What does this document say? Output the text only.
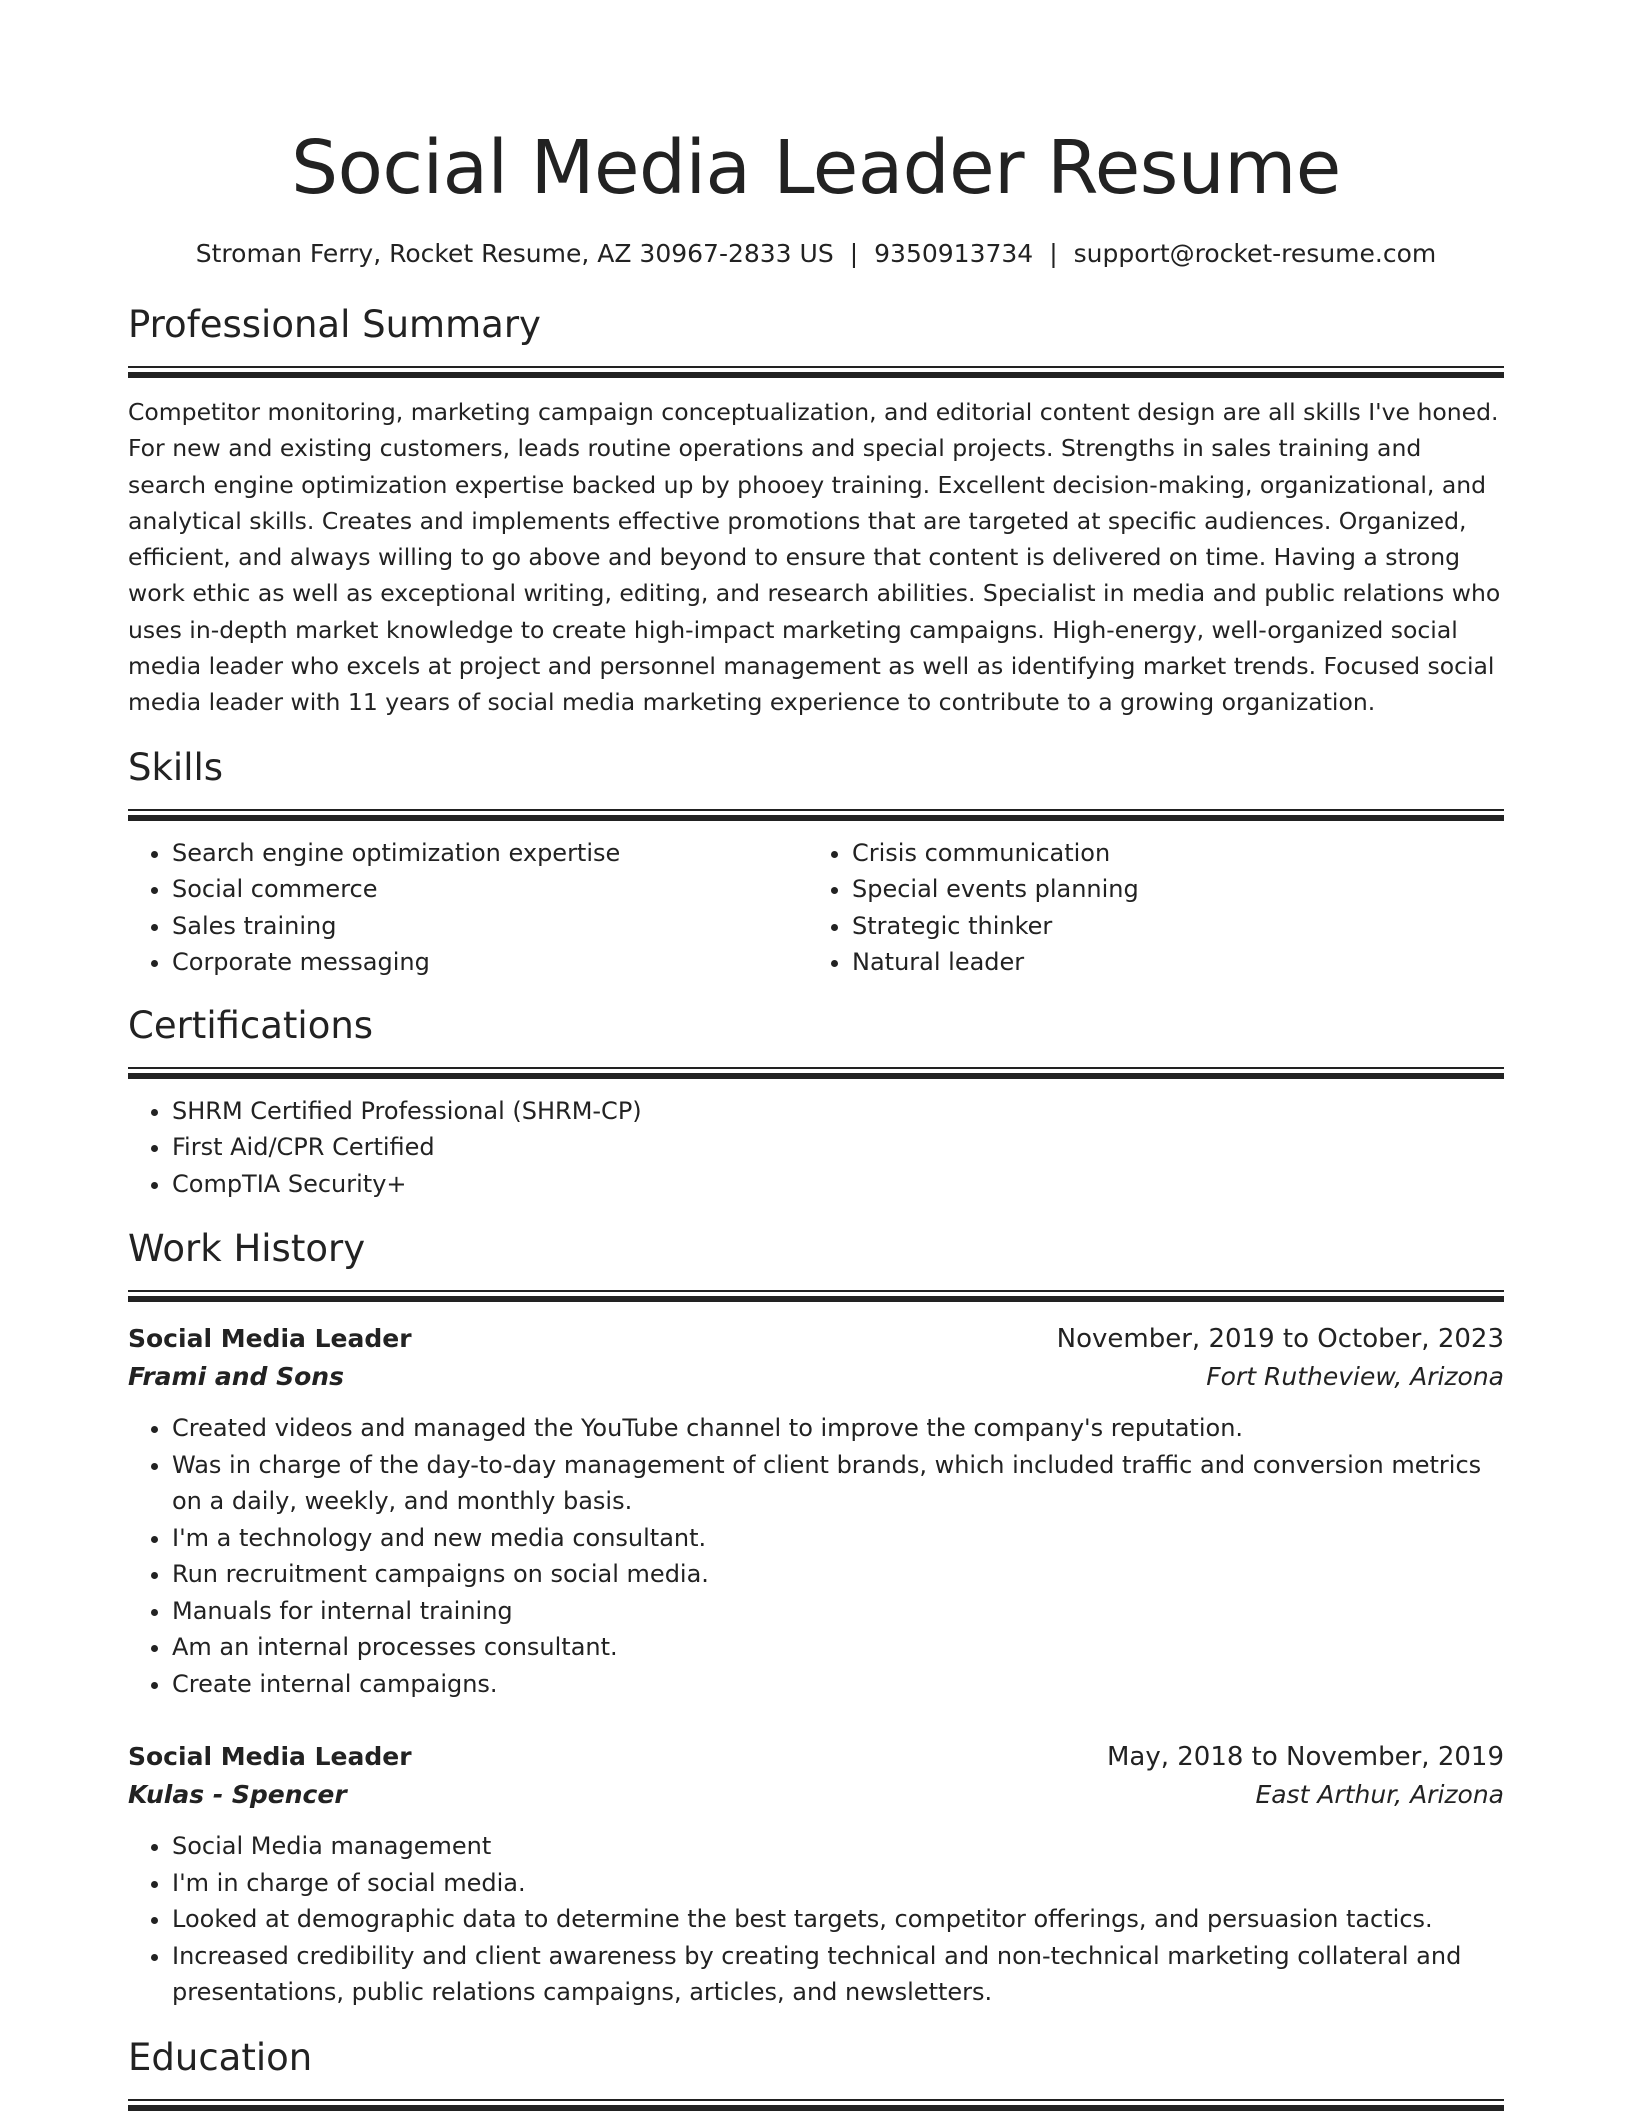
Social Media Leader Resume
Stroman Ferry, Rocket Resume, AZ 30967-2833 US | 9350913734 | support@rocket-resume.com
Professional Summary

Competitor monitoring, marketing campaign conceptualization, and editorial content design are all skills I've honed. For new and existing customers, leads routine operations and special projects. Strengths in sales training and search engine optimization expertise backed up by phooey training. Excellent decision-making, organizational, and analytical skills. Creates and implements effective promotions that are targeted at specific audiences. Organized, efficient, and always willing to go above and beyond to ensure that content is delivered on time. Having a strong work ethic as well as exceptional writing, editing, and research abilities. Specialist in media and public relations who uses in-depth market knowledge to create high-impact marketing campaigns. High-energy, well-organized social media leader who excels at project and personnel management as well as identifying market trends. Focused social media leader with 11 years of social media marketing experience to contribute to a growing organization.

Skills
• Search engine optimization expertise
• Social commerce
• Sales training
• Corporate messaging
• Crisis communication
• Special events planning
• Strategic thinker
• Natural leader
Certifications
• SHRM Certified Professional (SHRM-CP)
• First Aid/CPR Certified
• CompTIA Security+
Work History
Social Media Leader	November, 2019 to October, 2023
Frami and Sons	Fort Rutheview, Arizona
• Created videos and managed the YouTube channel to improve the company's reputation.
• Was in charge of the day-to-day management of client brands, which included traffic and conversion metrics on a daily, weekly, and monthly basis.
• I'm a technology and new media consultant.
• Run recruitment campaigns on social media.
• Manuals for internal training
• Am an internal processes consultant.
• Create internal campaigns.
Social Media Leader	May, 2018 to November, 2019
Kulas - Spencer	East Arthur, Arizona
• Social Media management
• I'm in charge of social media.
• Looked at demographic data to determine the best targets, competitor offerings, and persuasion tactics.
• Increased credibility and client awareness by creating technical and non-technical marketing collateral and presentations, public relations campaigns, articles, and newsletters.
Education
